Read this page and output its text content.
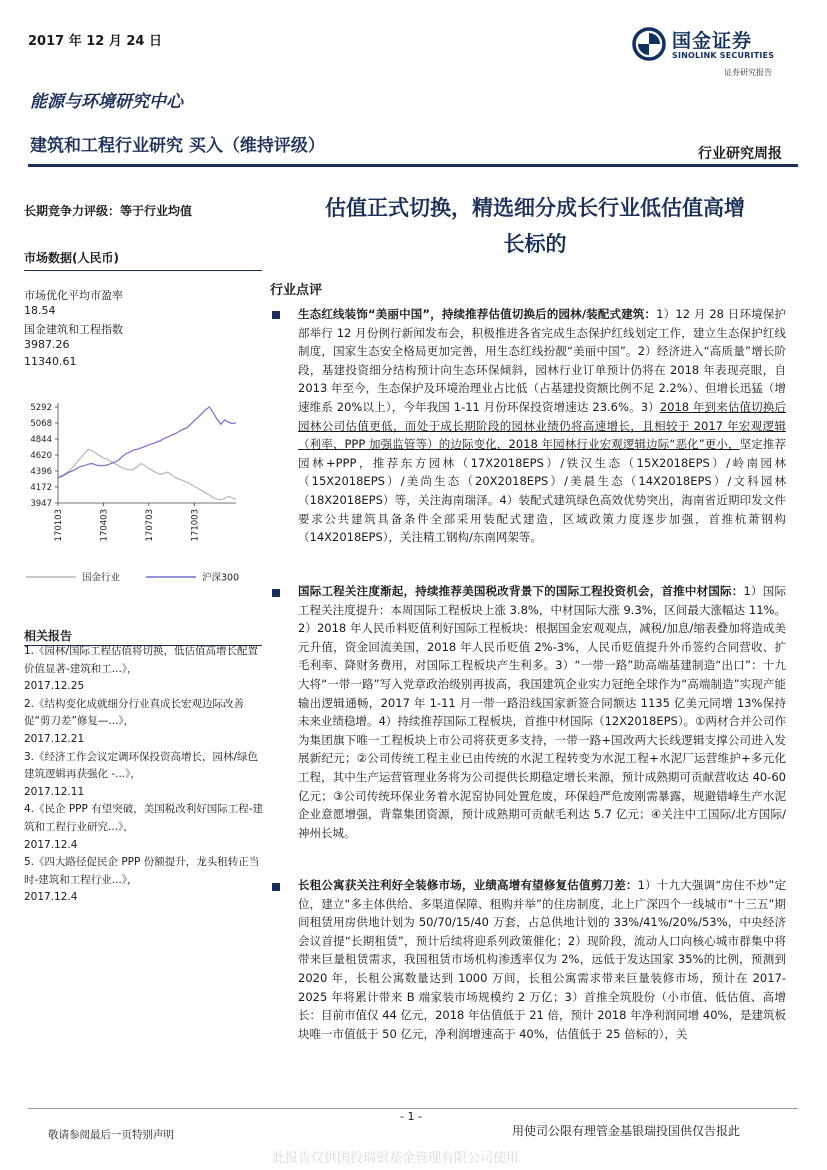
2017 年 12 月 24 日	国金证券
SINOLINK SECURITIES
证券研究报告
能源与环境研究中心
建筑和工程行业研究 买入（维持评级）	行业研究周报
长期竞争力评级：等于行业均值
市场数据(人民币)
市场优化平均市盈率
18.54
国金建筑和工程指数
3987.26
11340.61
5292
5068
4844
4620
4396
4172
3947
170103	170403	170703	171003
国金行业	沪深300
相关报告
1.《园林/国际工程估值将切换，低估值高增长配置价值显著-建筑和工...》，
2017.12.25
2.《结构变化成就细分行业真成长宏观边际改善促“剪刀差”修复—...》，
2017.12.21
3.《经济工作会议定调环保投资高增长，园林/绿色建筑逻辑再获强化 -...》，
2017.12.11
4.《民企 PPP 有望突破，美国税改利好国际工程-建筑和工程行业研究...》，
2017.12.4
5.《四大路径促民企 PPP 份额提升，龙头租转正当时-建筑和工程行业...》，
2017.12.4
估值正式切换，精选细分成长行业低估值高增
长标的
行业点评
生态红线装饰“美丽中国”，持续推荐估值切换后的园林/装配式建筑：1）12 月 28 日环境保护部举行 12 月份例行新闻发布会，积极推进各省完成生态保护红线划定工作，建立生态保护红线制度，国家生态安全格局更加完善，用生态红线扮靓“美丽中国”。2）经济进入“高质量”增长阶段，基建投资细分结构预计向生态环保倾斜，园林行业订单预计仍将在 2018 年表现亮眼，自 2013 年至今，生态保护及环境治理业占比低（占基建投资额比例不足 2.2%）、但增长迅猛（增速维系 20%以上），今年我国 1-11 月份环保投资增速达 23.6%。3）2018 年到来估值切换后园林公司估值更低，而处于成长期阶段的园林业绩仍将高速增长，且相较于 2017 年宏观逻辑（利率、PPP 加强监管等）的边际变化，2018 年园林行业宏观逻辑边际“恶化”更小，坚定推荐园林+PPP，推荐东方园林（17X2018EPS）/铁汉生态（15X2018EPS）/岭南园林（15X2018EPS）/美尚生态（20X2018EPS）/美晨生态（14X2018EPS）/文科园林（18X2018EPS）等，关注海南瑞泽。4）装配式建筑绿色高效优势突出，海南省近期印发文件要求公共建筑具备条件全部采用装配式建造，区域政策力度逐步加强，首推杭萧钢构（14X2018EPS），关注精工钢构/东南网架等。
国际工程关注度渐起，持续推荐美国税改背景下的国际工程投资机会，首推中材国际：1）国际工程关注度提升：本周国际工程板块上涨 3.8%，中材国际大涨 9.3%，区间最大涨幅达 11%。2）2018 年人民币料贬值利好国际工程板块：根据国金宏观观点，减税/加息/缩表叠加将造成美元升值，资金回流美国，2018 年人民币贬值 2%-3%，人民币贬值提升外币签约合同营收、扩毛利率、降财务费用，对国际工程板块产生利多。3）“一带一路”助高端基建制造“出口”：十九大将“一带一路”写入党章政治级别再拔高，我国建筑企业实力冠绝全球作为“高端制造”实现产能输出逻辑通畅，2017 年 1-11 月一带一路沿线国家新签合同额达 1135 亿美元同增 13%保持未来业绩稳增。4）持续推荐国际工程板块，首推中材国际（12X2018EPS）。①两材合并公司作为集团旗下唯一工程板块上市公司将获更多支持，一带一路+国改两大长线逻辑支撑公司进入发展新纪元；②公司传统工程主业已由传统的水泥工程转变为水泥工程+水泥厂运营维护+多元化工程，其中生产运营管理业务将为公司提供长期稳定增长来源，预计成熟期可贡献营收达 40-60 亿元；③公司传统环保业务着水泥窑协同处置危废，环保趋严危废刚需暴露，规避错峰生产水泥企业意愿增强，背靠集团资源，预计成熟期可贡献毛利达 5.7 亿元；④关注中工国际/北方国际/神州长城。
长租公寓获关注利好全装修市场，业绩高增有望修复估值剪刀差：1）十九大强调“房住不炒”定位，建立“多主体供给、多渠道保障、租购并举”的住房制度，北上广深四个一线城市“十三五”期间租赁用房供地计划为 50/70/15/40 万套，占总供地计划的 33%/41%/20%/53%，中央经济会议首提“长期租赁”，预计后续将迎系列政策催化；2）现阶段，流动人口向核心城市群集中将带来巨量租赁需求，我国租赁市场机构渗透率仅为 2%，远低于发达国家 35%的比例，预测到 2020 年，长租公寓数量达到 1000 万间，长租公寓需求带来巨量装修市场，预计在 2017-2025 年将累计带来 B 端家装市场规模约 2 万亿；3）首推全筑股份（小市值、低估值、高增长：目前市值仅 44 亿元，2018 年估值低于 21 倍，预计 2018 年净利润同增 40%，是建筑板块唯一市值低于 50 亿元，净利润增速高于 40%，估值低于 25 倍标的），关
- 1 -
敬请参阅最后一页特别声明	用使司公限有理管金基银瑞投国供仅告报此
此报告仅供国投瑞银基金管理有限公司使用
